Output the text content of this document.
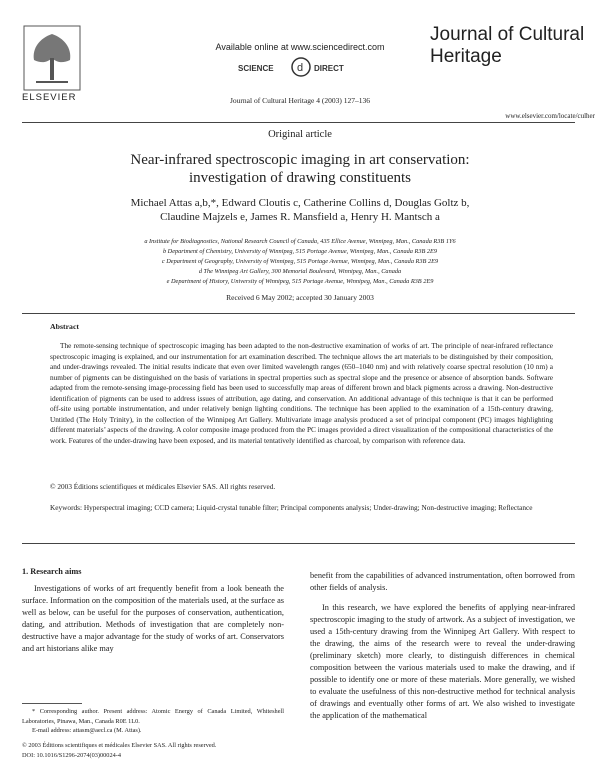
ELSEVIER
Available online at www.sciencedirect.com
SCIENCE d DIRECT
Journal of Cultural Heritage 4 (2003) 127–136
Journal of Cultural Heritage
www.elsevier.com/locate/culher
Original article
Near-infrared spectroscopic imaging in art conservation:
investigation of drawing constituents
Michael Attas a,b,*, Edward Cloutis c, Catherine Collins d, Douglas Goltz b,
Claudine Majzels e, James R. Mansfield a, Henry H. Mantsch a
a Institute for Biodiagnostics, National Research Council of Canada, 435 Ellice Avenue, Winnipeg, Man., Canada R3B 1Y6
b Department of Chemistry, University of Winnipeg, 515 Portage Avenue, Winnipeg, Man., Canada R3B 2E9
c Department of Geography, University of Winnipeg, 515 Portage Avenue, Winnipeg, Man., Canada R3B 2E9
d The Winnipeg Art Gallery, 300 Memorial Boulevard, Winnipeg, Man., Canada
e Department of History, University of Winnipeg, 515 Portage Avenue, Winnipeg, Man., Canada R3B 2E9
Received 6 May 2002; accepted 30 January 2003
Abstract
The remote-sensing technique of spectroscopic imaging has been adapted to the non-destructive examination of works of art. The principle of near-infrared reflectance spectroscopic imaging is explained, and our instrumentation for art examination described. The technique allows the art materials to be distinguished by their composition, and under-drawings revealed. The initial results indicate that even over limited wavelength ranges (650–1040 nm) and with relatively coarse spectral resolution (10 nm) a number of pigments can be distinguished on the basis of variations in spectral properties such as spectral slope and the presence or absence of absorption bands. Software adapted from the remote-sensing image-processing field has been used to successfully map areas of different brown and black pigments across a drawing. Non-destructive identification of pigments can be used to address issues of attribution, age dating, and conservation. An additional advantage of this technique is that it can be performed off-site using portable instrumentation, and under relatively benign lighting conditions. The technique has been applied to the examination of a 15th-century drawing, Untitled (The Holy Trinity), in the collection of the Winnipeg Art Gallery. Multivariate image analysis produced a set of principal component (PC) images highlighting different materials’ aspects of the drawing. A color composite image produced from the PC images provided a direct visualization of the compositional characteristics of the work. Features of the under-drawing have been exposed, and its material tentatively identified as charcoal, by comparison with reference data.
© 2003 Éditions scientifiques et médicales Elsevier SAS. All rights reserved.
Keywords: Hyperspectral imaging; CCD camera; Liquid-crystal tunable filter; Principal components analysis; Under-drawing; Non-destructive imaging; Reflectance
1. Research aims
Investigations of works of art frequently benefit from a look beneath the surface. Information on the composition of the materials used, at the surface as well as below, can be useful for the purposes of conservation, authentication, dating, and attribution. Methods of investigation that are completely non-destructive have a major advantage for the study of works of art. Conservators and art historians alike may

benefit from the capabilities of advanced instrumentation, often borrowed from other fields of analysis.

In this research, we have explored the benefits of applying near-infrared spectroscopic imaging to the study of artwork. As a subject of investigation, we used a 15th-century drawing from the Winnipeg Art Gallery. With respect to the drawing, the aims of the research were to reveal the under-drawing (preliminary sketch) more clearly, to distinguish differences in chemical composition between the various materials used to make the drawing, and if possible to identify one or more of these materials. More generally, we wished to evaluate the usefulness of this non-destructive method for technical analysis of drawings and eventually other forms of art. We also wished to investigate the application of the mathematical

* Corresponding author. Present address: Atomic Energy of Canada Limited, Whiteshell Laboratories, Pinawa, Man., Canada R0E 1L0.
E-mail address: attasm@aecl.ca (M. Attas).
© 2003 Éditions scientifiques et médicales Elsevier SAS. All rights reserved.
DOI: 10.1016/S1296-2074(03)00024-4
